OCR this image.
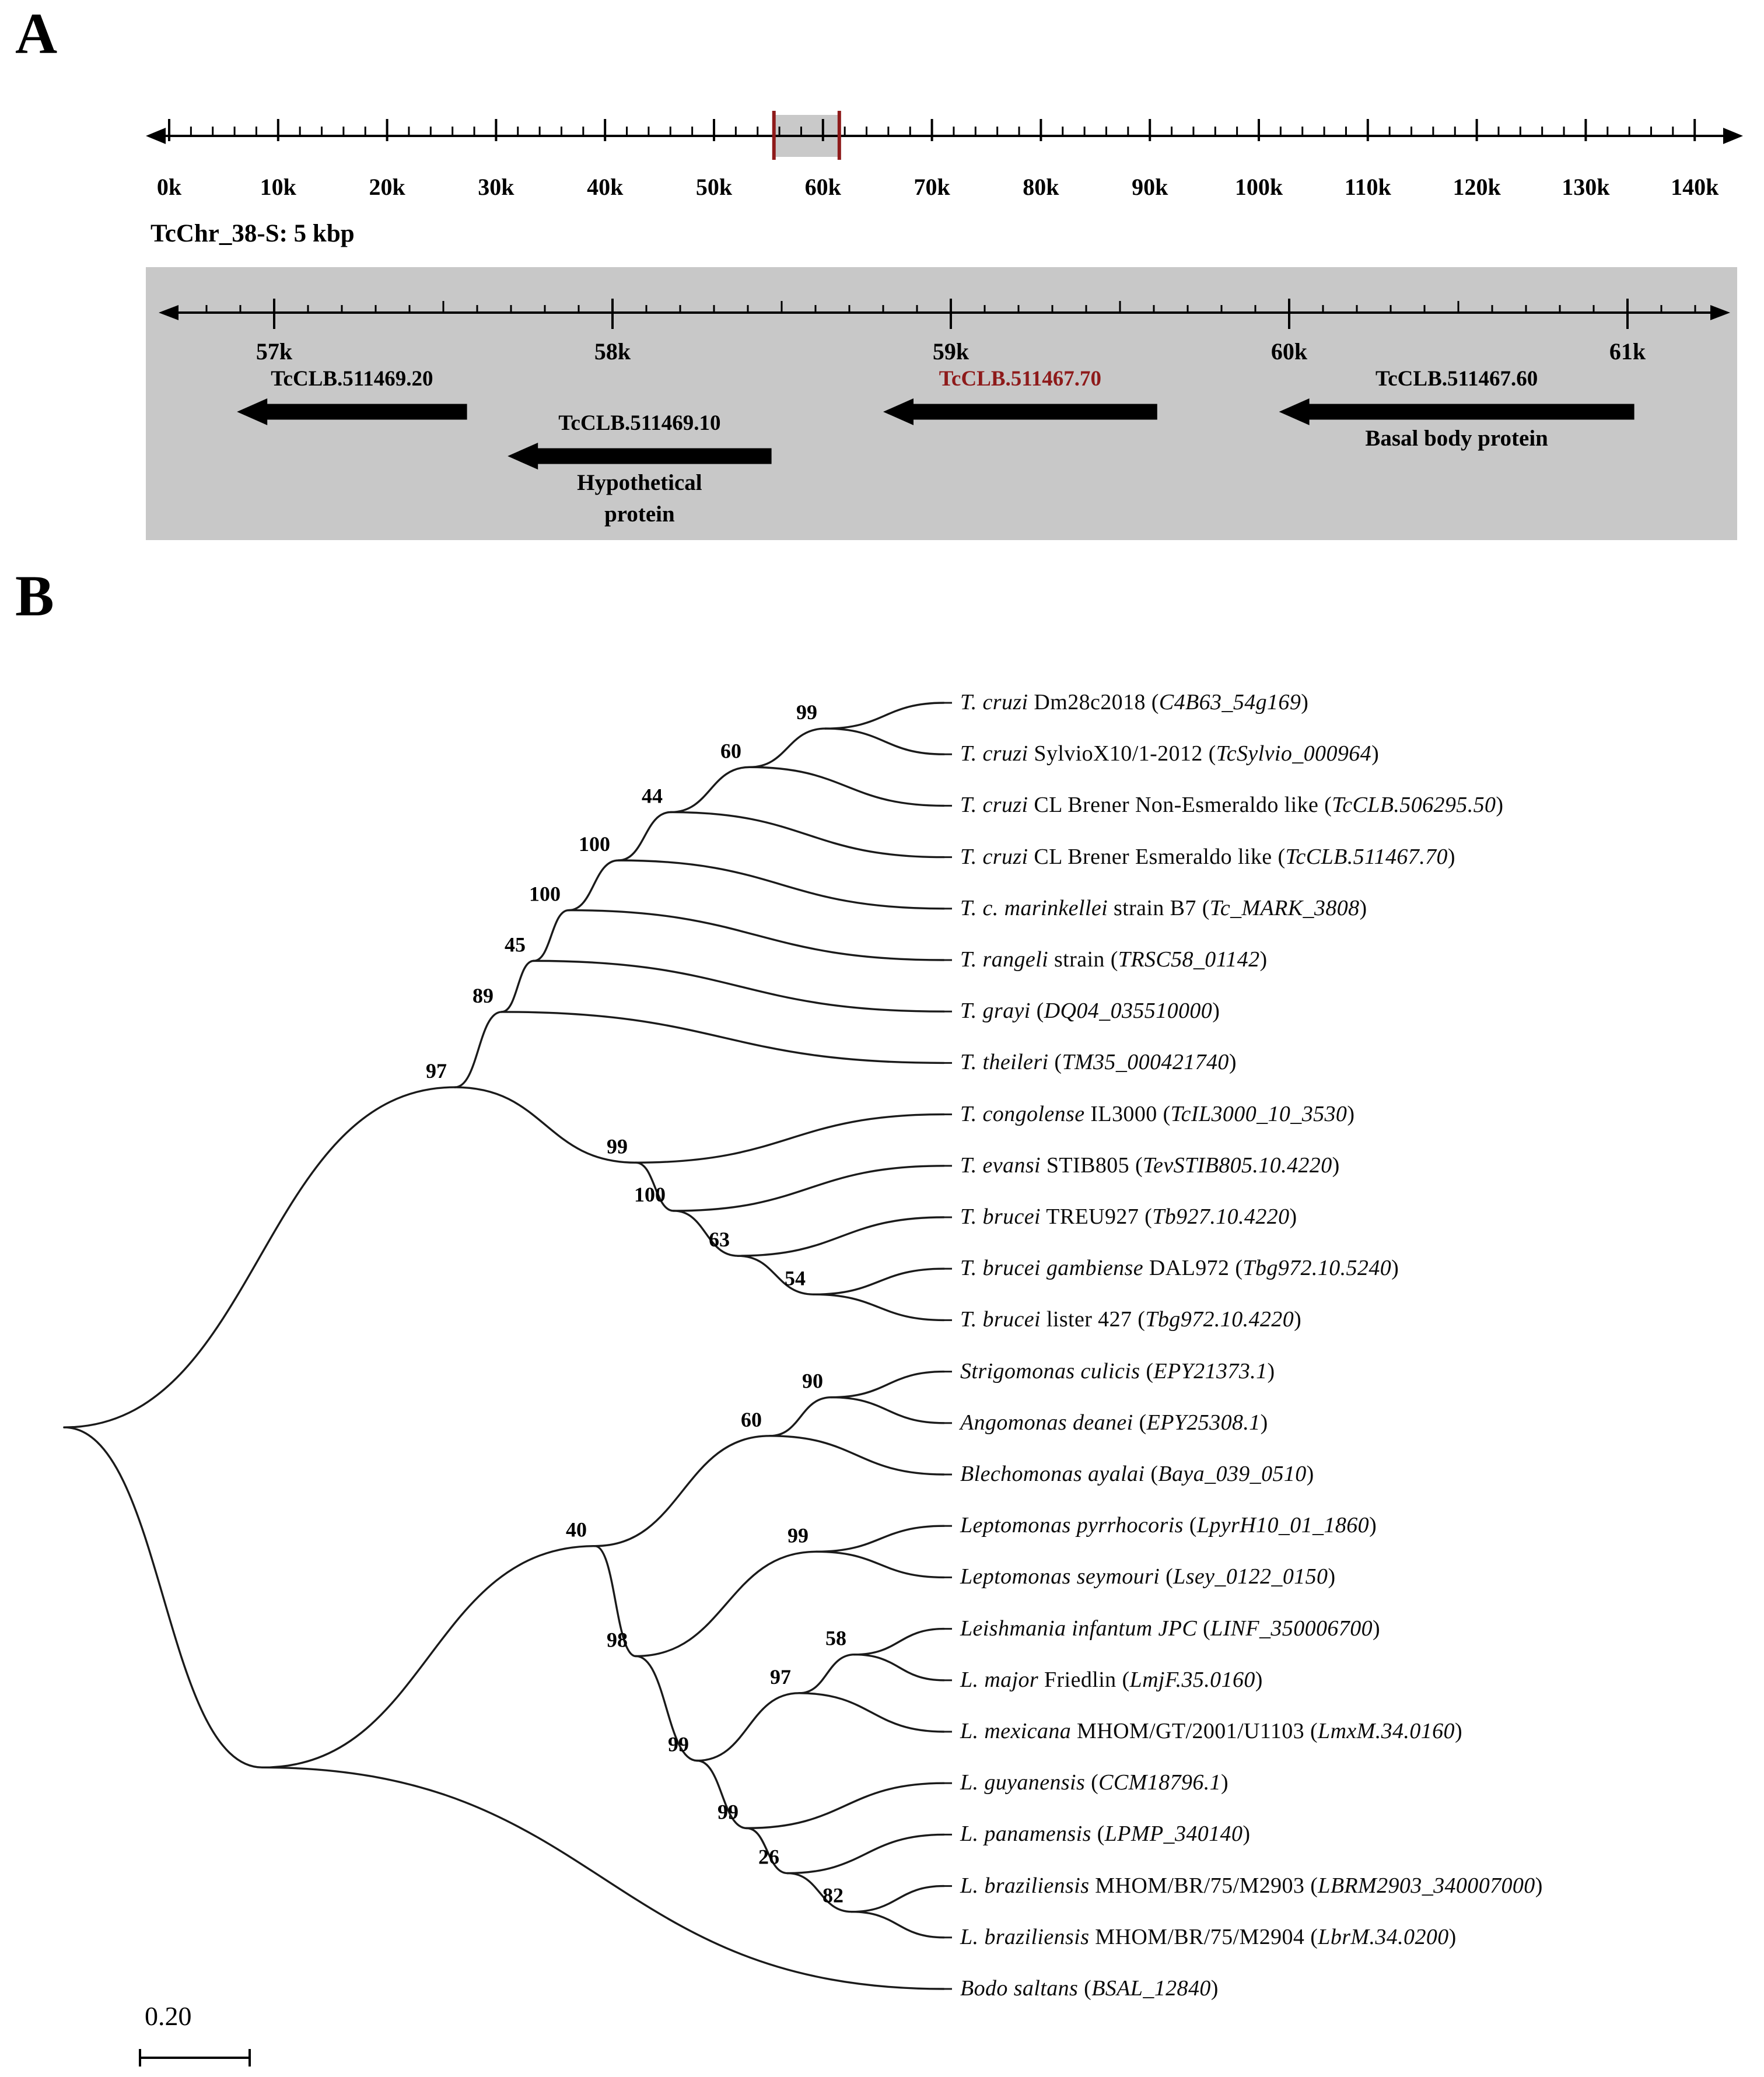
A
B
0k	10k	20k	30k	40k	50k	60k	70k	80k	90k	100k	110k	120k	130k	140k
TcChr_38-S: 5 kbp
57k	58k	59k	60k	61k
TcCLB.511469.20
TcCLB.511469.10
Hypothetical
protein
TcCLB.511467.70	TcCLB.511467.60
Basal body protein
99
60
44
100
100
45
89
54
63
100
99
97
90
60
99
58
97
82
26
99
99
98
40
0.20
T. cruzi Dm28c2018 (C4B63_54g169)
T. cruzi SylvioX10/1-2012 (TcSylvio_000964)
T. cruzi CL Brener Non-Esmeraldo like (TcCLB.506295.50)
T. cruzi CL Brener Esmeraldo like (TcCLB.511467.70)
T. c. marinkellei strain B7 (Tc_MARK_3808)
T. rangeli strain (TRSC58_01142)
T. grayi (DQ04_035510000)
T. theileri (TM35_000421740)
T. congolense IL3000 (TcIL3000_10_3530)
T. evansi STIB805 (TevSTIB805.10.4220)
T. brucei TREU927 (Tb927.10.4220)
T. brucei gambiense DAL972 (Tbg972.10.5240)
T. brucei lister 427 (Tbg972.10.4220)
Strigomonas culicis (EPY21373.1)
Angomonas deanei (EPY25308.1)
Blechomonas ayalai (Baya_039_0510)
Leptomonas pyrrhocoris (LpyrH10_01_1860)
Leptomonas seymouri (Lsey_0122_0150)
Leishmania infantum JPC (LINF_350006700)
L. major Friedlin (LmjF.35.0160)
L. mexicana MHOM/GT/2001/U1103 (LmxM.34.0160)
L. guyanensis (CCM18796.1)
L. panamensis (LPMP_340140)
L. braziliensis MHOM/BR/75/M2903 (LBRM2903_340007000)
L. braziliensis MHOM/BR/75/M2904 (LbrM.34.0200)
Bodo saltans (BSAL_12840)
